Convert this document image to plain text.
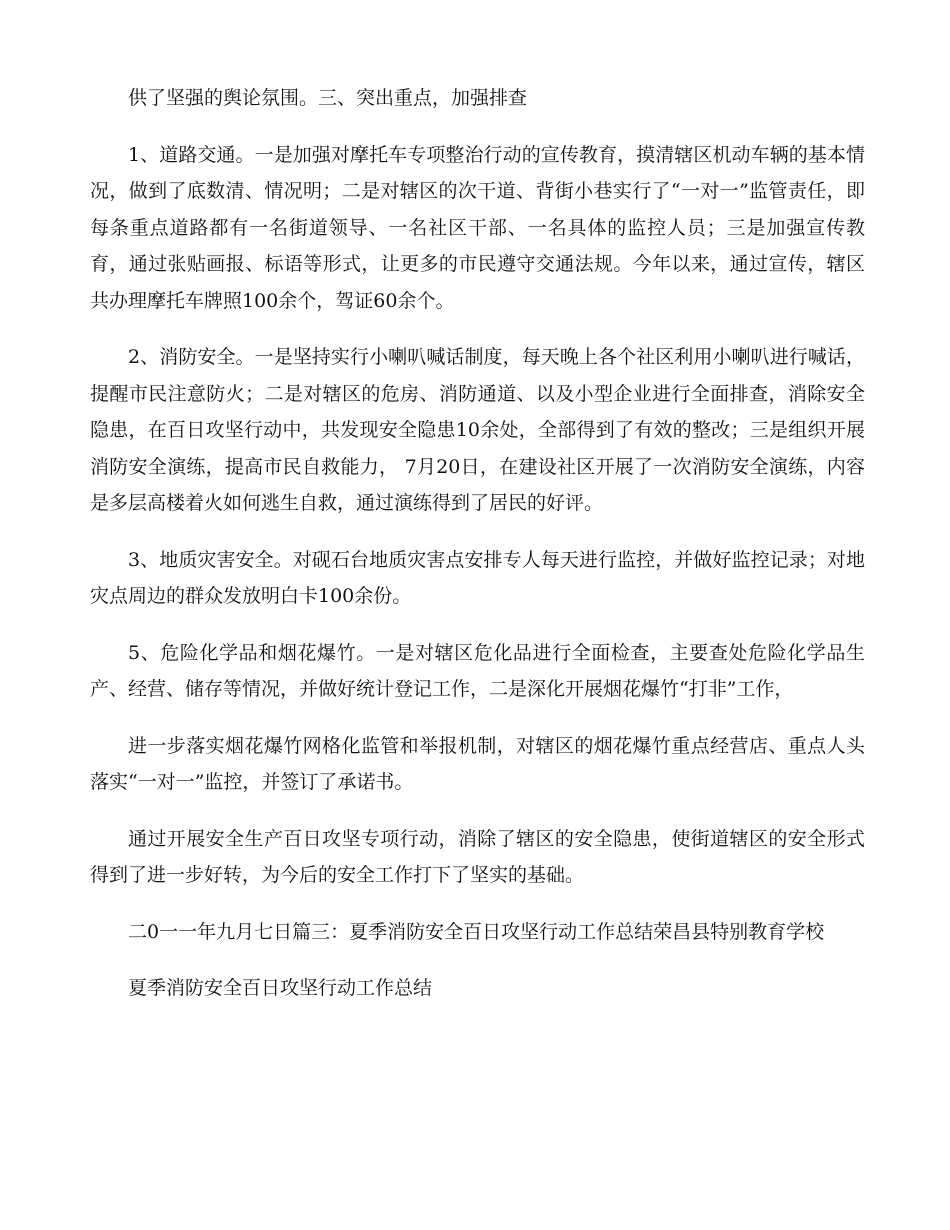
供了坚强的舆论氛围。三、突出重点，加强排查

1、道路交通。一是加强对摩托车专项整治行动的宣传教育，摸清辖区机动车辆的基本情况，做到了底数清、情况明；二是对辖区的次干道、背街小巷实行了“一对一”监管责任，即每条重点道路都有一名街道领导、一名社区干部、一名具体的监控人员；三是加强宣传教育，通过张贴画报、标语等形式，让更多的市民遵守交通法规。今年以来，通过宣传，辖区共办理摩托车牌照100余个，驾证60余个。

2、消防安全。一是坚持实行小喇叭喊话制度，每天晚上各个社区利用小喇叭进行喊话，提醒市民注意防火；二是对辖区的危房、消防通道、以及小型企业进行全面排查，消除安全隐患，在百日攻坚行动中，共发现安全隐患10余处，全部得到了有效的整改；三是组织开展消防安全演练，提高市民自救能力， 7月20日，在建设社区开展了一次消防安全演练，内容是多层高楼着火如何逃生自救，通过演练得到了居民的好评。

3、地质灾害安全。对砚石台地质灾害点安排专人每天进行监控，并做好监控记录；对地灾点周边的群众发放明白卡100余份。

5、危险化学品和烟花爆竹。一是对辖区危化品进行全面检查，主要查处危险化学品生产、经营、储存等情况，并做好统计登记工作，二是深化开展烟花爆竹“打非”工作，

进一步落实烟花爆竹网格化监管和举报机制，对辖区的烟花爆竹重点经营店、重点人头落实“一对一”监控，并签订了承诺书。

通过开展安全生产百日攻坚专项行动，消除了辖区的安全隐患，使街道辖区的安全形式得到了进一步好转，为今后的安全工作打下了坚实的基础。

二0一一年九月七日篇三：夏季消防安全百日攻坚行动工作总结荣昌县特别教育学校

夏季消防安全百日攻坚行动工作总结
